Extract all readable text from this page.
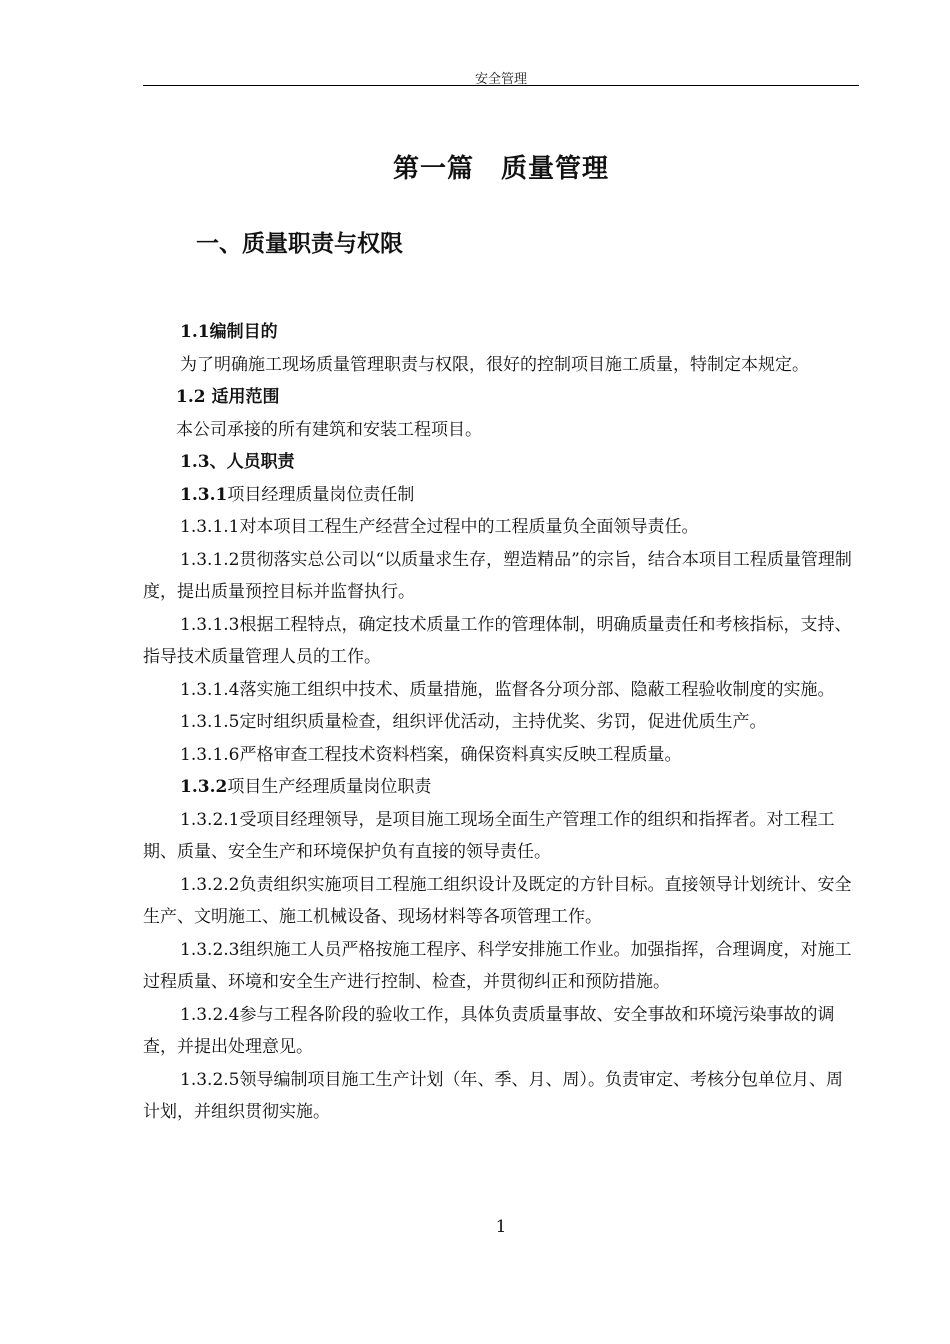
安全管理
第一篇　质量管理
一、质量职责与权限

1.1编制目的

为了明确施工现场质量管理职责与权限，很好的控制项目施工质量，特制定本规定。

1.2 适用范围

本公司承接的所有建筑和安装工程项目。

1.3、人员职责

1.3.1项目经理质量岗位责任制

1.3.1.1对本项目工程生产经营全过程中的工程质量负全面领导责任。

1.3.1.2贯彻落实总公司以“以质量求生存，塑造精品”的宗旨，结合本项目工程质量管理制度，提出质量预控目标并监督执行。

1.3.1.3根据工程特点，确定技术质量工作的管理体制，明确质量责任和考核指标，支持、指导技术质量管理人员的工作。

1.3.1.4落实施工组织中技术、质量措施，监督各分项分部、隐蔽工程验收制度的实施。

1.3.1.5定时组织质量检查，组织评优活动，主持优奖、劣罚，促进优质生产。

1.3.1.6严格审查工程技术资料档案，确保资料真实反映工程质量。

1.3.2项目生产经理质量岗位职责

1.3.2.1受项目经理领导，是项目施工现场全面生产管理工作的组织和指挥者。对工程工期、质量、安全生产和环境保护负有直接的领导责任。

1.3.2.2负责组织实施项目工程施工组织设计及既定的方针目标。直接领导计划统计、安全生产、文明施工、施工机械设备、现场材料等各项管理工作。

1.3.2.3组织施工人员严格按施工程序、科学安排施工作业。加强指挥，合理调度，对施工过程质量、环境和安全生产进行控制、检查，并贯彻纠正和预防措施。

1.3.2.4参与工程各阶段的验收工作，具体负责质量事故、安全事故和环境污染事故的调查，并提出处理意见。

1.3.2.5领导编制项目施工生产计划（年、季、月、周）。负责审定、考核分包单位月、周计划，并组织贯彻实施。

1
